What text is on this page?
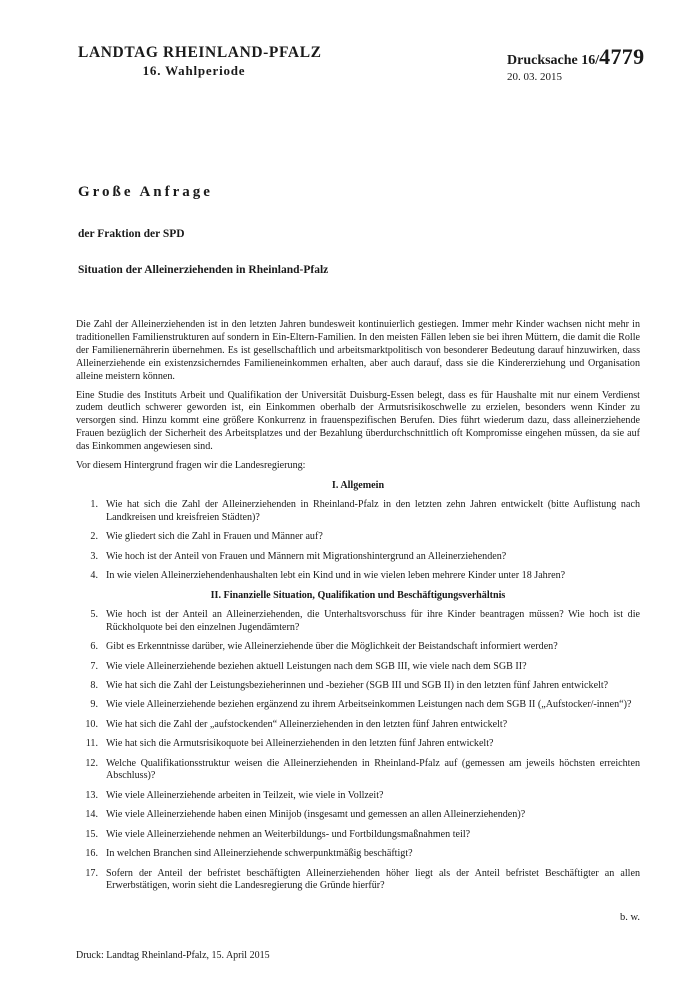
LANDTAG RHEINLAND-PFALZ
16. Wahlperiode
Drucksache 16/4779
20. 03. 2015
Große Anfrage
der Fraktion der SPD
Situation der Alleinerziehenden in Rheinland-Pfalz

Die Zahl der Alleinerziehenden ist in den letzten Jahren bundesweit kontinuierlich gestiegen. Immer mehr Kinder wachsen nicht mehr in traditionellen Familienstrukturen auf sondern in Ein-Eltern-Familien. In den meisten Fällen leben sie bei ihren Müttern, die damit die Rolle der Familienernährerin übernehmen. Es ist gesellschaftlich und arbeitsmarktpolitisch von besonderer Bedeutung darauf hinzuwirken, dass Alleinerziehende ein existenzsicherndes Familieneinkommen erhalten, aber auch darauf, dass sie die Kindererziehung und Organisation alleine meistern können.

Eine Studie des Instituts Arbeit und Qualifikation der Universität Duisburg-Essen belegt, dass es für Haushalte mit nur einem Verdienst zudem deutlich schwerer geworden ist, ein Einkommen oberhalb der Armutsrisikoschwelle zu erzielen, besonders wenn Kinder zu versorgen sind. Hinzu kommt eine größere Konkurrenz in frauenspezifischen Berufen. Dies führt wiederum dazu, dass alleinerziehende Frauen bezüglich der Sicherheit des Arbeitsplatzes und der Bezahlung überdurchschnittlich oft Kompromisse eingehen müssen, da sie auf das Einkommen angewiesen sind.

Vor diesem Hintergrund fragen wir die Landesregierung:

I. Allgemein
1. Wie hat sich die Zahl der Alleinerziehenden in Rheinland-Pfalz in den letzten zehn Jahren entwickelt (bitte Auflistung nach Landkreisen und kreisfreien Städten)?
2. Wie gliedert sich die Zahl in Frauen und Männer auf?
3. Wie hoch ist der Anteil von Frauen und Männern mit Migrationshintergrund an Alleinerziehenden?
4. In wie vielen Alleinerziehendenhaushalten lebt ein Kind und in wie vielen leben mehrere Kinder unter 18 Jahren?
II. Finanzielle Situation, Qualifikation und Beschäftigungsverhältnis
5. Wie hoch ist der Anteil an Alleinerziehenden, die Unterhaltsvorschuss für ihre Kinder beantragen müssen? Wie hoch ist die Rückholquote bei den einzelnen Jugendämtern?
6. Gibt es Erkenntnisse darüber, wie Alleinerziehende über die Möglichkeit der Beistandschaft informiert werden?
7. Wie viele Alleinerziehende beziehen aktuell Leistungen nach dem SGB III, wie viele nach dem SGB II?
8. Wie hat sich die Zahl der Leistungsbezieherinnen und -bezieher (SGB III und SGB II) in den letzten fünf Jahren entwickelt?
9. Wie viele Alleinerziehende beziehen ergänzend zu ihrem Arbeitseinkommen Leistungen nach dem SGB II („Aufstocker/-innen“)?
10. Wie hat sich die Zahl der „aufstockenden“ Alleinerziehenden in den letzten fünf Jahren entwickelt?
11. Wie hat sich die Armutsrisikoquote bei Alleinerziehenden in den letzten fünf Jahren entwickelt?
12. Welche Qualifikationsstruktur weisen die Alleinerziehenden in Rheinland-Pfalz auf (gemessen am jeweils höchsten erreichten Abschluss)?
13. Wie viele Alleinerziehende arbeiten in Teilzeit, wie viele in Vollzeit?
14. Wie viele Alleinerziehende haben einen Minijob (insgesamt und gemessen an allen Alleinerziehenden)?
15. Wie viele Alleinerziehende nehmen an Weiterbildungs- und Fortbildungsmaßnahmen teil?
16. In welchen Branchen sind Alleinerziehende schwerpunktmäßig beschäftigt?
17. Sofern der Anteil der befristet beschäftigten Alleinerziehenden höher liegt als der Anteil befristet Beschäftigter an allen Erwerbstätigen, worin sieht die Landesregierung die Gründe hierfür?
b. w.
Druck: Landtag Rheinland-Pfalz, 15. April 2015
